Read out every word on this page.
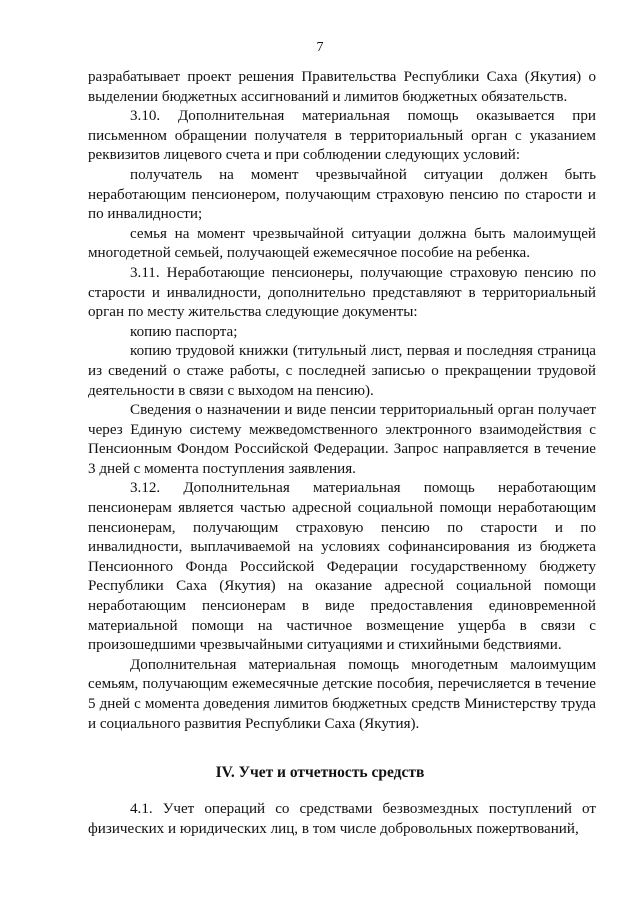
7

разрабатывает проект решения Правительства Республики Саха (Якутия) о выделении бюджетных ассигнований и лимитов бюджетных обязательств.

3.10. Дополнительная материальная помощь оказывается при письменном обращении получателя в территориальный орган с указанием реквизитов лицевого счета и при соблюдении следующих условий:

получатель на момент чрезвычайной ситуации должен быть неработающим пенсионером, получающим страховую пенсию по старости и по инвалидности;

семья на момент чрезвычайной ситуации должна быть малоимущей многодетной семьей, получающей ежемесячное пособие на ребенка.

3.11. Неработающие пенсионеры, получающие страховую пенсию по старости и инвалидности, дополнительно представляют в территориальный орган по месту жительства следующие документы:

копию паспорта;

копию трудовой книжки (титульный лист, первая и последняя страница из сведений о стаже работы, с последней записью о прекращении трудовой деятельности в связи с выходом на пенсию).

Сведения о назначении и виде пенсии территориальный орган получает через Единую систему межведомственного электронного взаимодействия с Пенсионным Фондом Российской Федерации. Запрос направляется в течение 3 дней с момента поступления заявления.

3.12. Дополнительная материальная помощь неработающим пенсионерам является частью адресной социальной помощи неработающим пенсионерам, получающим страховую пенсию по старости и по инвалидности, выплачиваемой на условиях софинансирования из бюджета Пенсионного Фонда Российской Федерации государственному бюджету Республики Саха (Якутия) на оказание адресной социальной помощи неработающим пенсионерам в виде предоставления единовременной материальной помощи на частичное возмещение ущерба в связи с произошедшими чрезвычайными ситуациями и стихийными бедствиями.

Дополнительная материальная помощь многодетным малоимущим семьям, получающим ежемесячные детские пособия, перечисляется в течение 5 дней с момента доведения лимитов бюджетных средств Министерству труда и социального развития Республики Саха (Якутия).

IV. Учет и отчетность средств

4.1. Учет операций со средствами безвозмездных поступлений от физических и юридических лиц, в том числе добровольных пожертвований,
